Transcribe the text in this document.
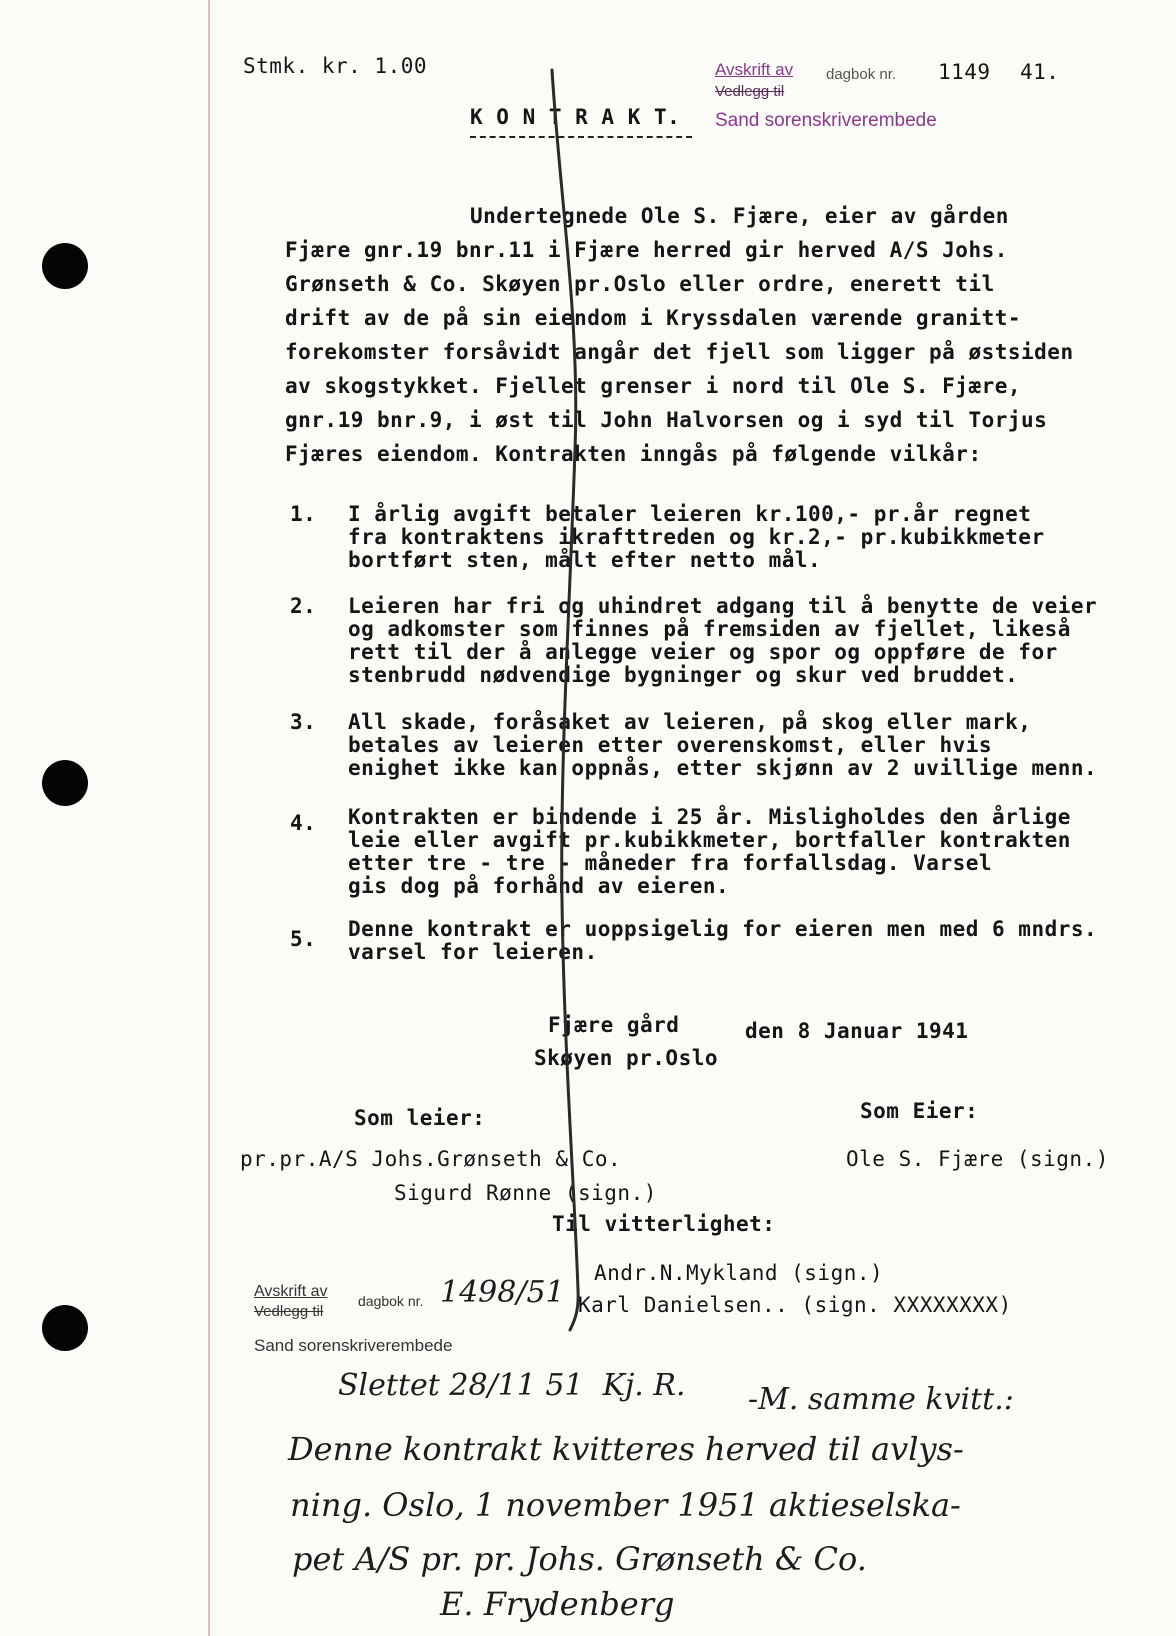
Stmk. kr. 1.00	Avskrift av dagbok nr. 1149 41.
Vedlegg til
Sand sorenskriverembede
K O N T R A K T.
Undertegnede Ole S. Fjære, eier av gården
Fjære gnr.19 bnr.11 i Fjære herred gir herved A/S Johs.
Grønseth & Co. Skøyen pr.Oslo eller ordre, enerett til
drift av de på sin eiendom i Kryssdalen værende granitt-
forekomster forsåvidt angår det fjell som ligger på østsiden
av skogstykket. Fjellet grenser i nord til Ole S. Fjære,
gnr.19 bnr.9, i øst til John Halvorsen og i syd til Torjus
Fjæres eiendom. Kontrakten inngås på følgende vilkår:
1. I årlig avgift betaler leieren kr.100,- pr.år regnet
fra kontraktens ikrafttreden og kr.2,- pr.kubikkmeter
bortført sten, målt efter netto mål.
2. Leieren har fri og uhindret adgang til å benytte de veier
og adkomster som finnes på fremsiden av fjellet, likeså
rett til der å anlegge veier og spor og oppføre de for
stenbrudd nødvendige bygninger og skur ved bruddet.
3. All skade, foråsaket av leieren, på skog eller mark,
betales av leieren etter overenskomst, eller hvis
enighet ikke kan oppnås, etter skjønn av 2 uvillige menn.
4. Kontrakten er bindende i 25 år. Misligholdes den årlige
leie eller avgift pr.kubikkmeter, bortfaller kontrakten
etter tre - tre - måneder fra forfallsdag. Varsel
gis dog på forhånd av eieren.
5. Denne kontrakt er uoppsigelig for eieren men med 6 mndrs.
varsel for leieren.
Fjære gård
Skøyen pr.Oslo
den 8 Januar 1941
Som leier:	Som Eier:
pr.pr.A/S Johs.Grønseth & Co.	Ole S. Fjære (sign.)
Sigurd Rønne (sign.)
Til vitterlighet:
Andr.N.Mykland (sign.)
Karl Danielsen.. (sign. XXXXXXXX)
Avskrift av
dagbok nr.
Vedlegg til
Sand sorenskriverembede
1498/51
Slettet 28/11 51  Kj. R. -M. samme kvitt.:
Denne kontrakt kvitteres herved til avlys-
ning. Oslo, 1 november 1951 aktieselska-
pet A/S pr. pr. Johs. Grønseth & Co.
E. Frydenberg
